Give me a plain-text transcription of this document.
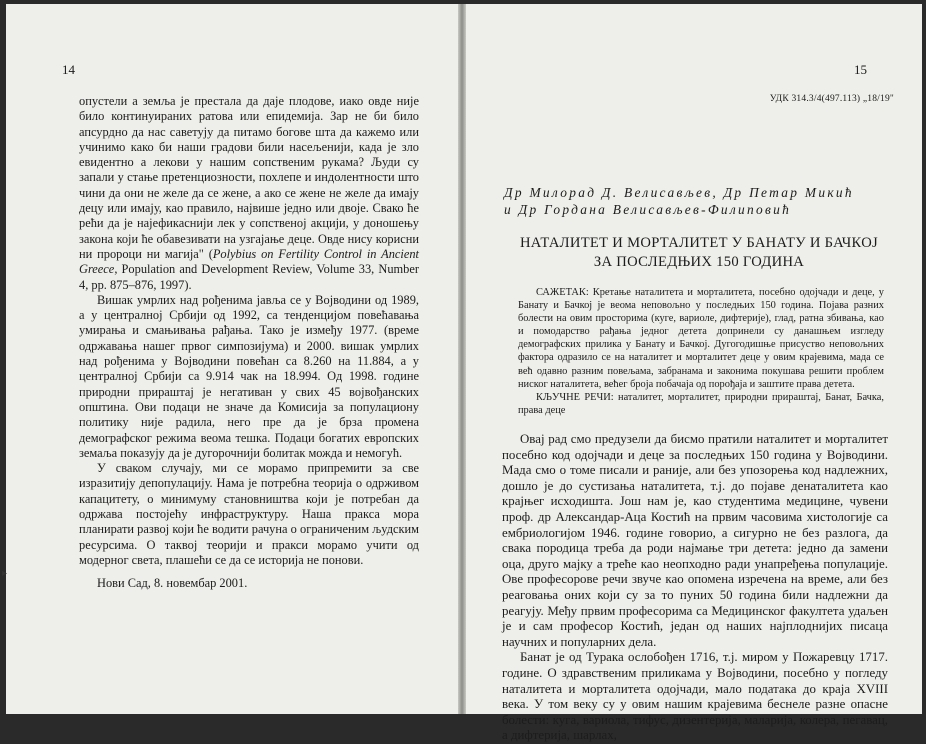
14

опустели а земља је престала да даје плодове, иако овде није било континуираних ратова или епидемија. Зар не би било апсурдно да нас саветују да питамо богове шта да кажемо или учинимо како би наши градови били насељенији, када је зло евидентно а лекови у нашим сопственим рукама? Људи су запали у стање претенциозности, похлепе и индолентности што чини да они не желе да се жене, а ако се жене не желе да имају децу или имају, као правило, највише једно или двоје. Свако ће рећи да је најефикаснији лек у сопственој акцији, у доношењу закона који ће обавезивати на узгајање деце. Овде нису корисни ни пророци ни магија" (Polybius on Fertility Control in Ancient Greece, Population and Development Review, Volume 33, Number 4, pp. 875–876, 1997).

Вишак умрлих над рођенима јавља се у Војводини од 1989, а у централној Србији од 1992, са тенденцијом повећавања умирања и смањивања рађања. Тако је између 1977. (време одржавања нашег првог симпозијума) и 2000. вишак умрлих над рођенима у Војводини повећан са 8.260 на 11.884, а у централној Србији са 9.914 чак на 18.994. Од 1998. године природни прираштај је негативан у свих 45 војвођанских општина. Ови подаци не значе да Комисија за популациону политику није радила, него пре да је брза промена демографског режима веома тешка. Подаци богатих европских земаља показују да је дугорочнији болитак можда и немогућ.

У сваком случају, ми се морамо припремити за све изразитију депопулацију. Нама је потребна теорија о одрживом капацитету, о минимуму становништва који је потребан да одржава постојећу инфраструктуру. Наша пракса мора планирати развој који ће водити рачуна о ограниченим људским ресурсима. О таквој теорији и пракси морамо учити од модерног света, плашећи се да се историја не понови.

Нови Сад, 8. новембар 2001.

15
УДК 314.3/4(497.113) „18/19"
Др Милорад Д. Велисављев, Др Петар Микић
и Др Гордана Велисављев-Филиповић
НАТАЛИТЕТ И МОРТАЛИТЕТ У БАНАТУ И БАЧКОЈ
ЗА ПОСЛЕДЊИХ 150 ГОДИНА

САЖЕТАК: Кретање наталитета и морталитета, посебно одојчади и деце, у Банату и Бачкој је веома неповољно у последњих 150 година. Појава разних болести на овим просторима (куге, вариоле, дифтерије), глад, ратна збивања, као и помодарство рађања једног детета допринели су данашњем изгледу демографских прилика у Банату и Бачкој. Дугогодишње присуство неповољних фактора одразило се на наталитет и морталитет деце у овим крајевима, мада се већ одавно разним повељама, забранама и законима покушава решити проблем ниског наталитета, већег броја побачаја од порођаја и заштите права детета.

КЉУЧНЕ РЕЧИ: наталитет, морталитет, природни прираштај, Банат, Бачка, права деце

Овај рад смо предузели да бисмо пратили наталитет и морталитет посебно код одојчади и деце за последњих 150 година у Војводини. Мада смо о томе писали и раније, али без упозорења код надлежних, дошло је до сустизања наталитета, т.ј. до појаве денаталитета као крајњег исходишта. Још нам је, као студентима медицине, чувени проф. др Александар-Аца Костић на првим часовима хистологије са ембриологијом 1946. године говорио, а сигурно не без разлога, да свака породица треба да роди најмање три детета: једно да замени оца, друго мајку а треће као неопходно ради унапређења популације. Ове професорове речи звуче као опомена изречена на време, али без реаговања оних који су за то пуних 50 година били надлежни да реагују. Међу првим професорима са Медицинског факултета удаљен је и сам професор Костић, један од наших најплоднијих писаца научних и популарних дела.

Банат је од Турака ослобођен 1716, т.ј. миром у Пожаревцу 1717. године. О здравственим приликама у Војводини, посебно у погледу наталитета и морталитета одојчади, мало података до краја XVIII века. У том веку су у овим нашим крајевима беснеле разне опасне болести: куга, вариола, тифус, дизентерија, маларија, колера, пегавац, а дифтерија, шарлах,

▸
